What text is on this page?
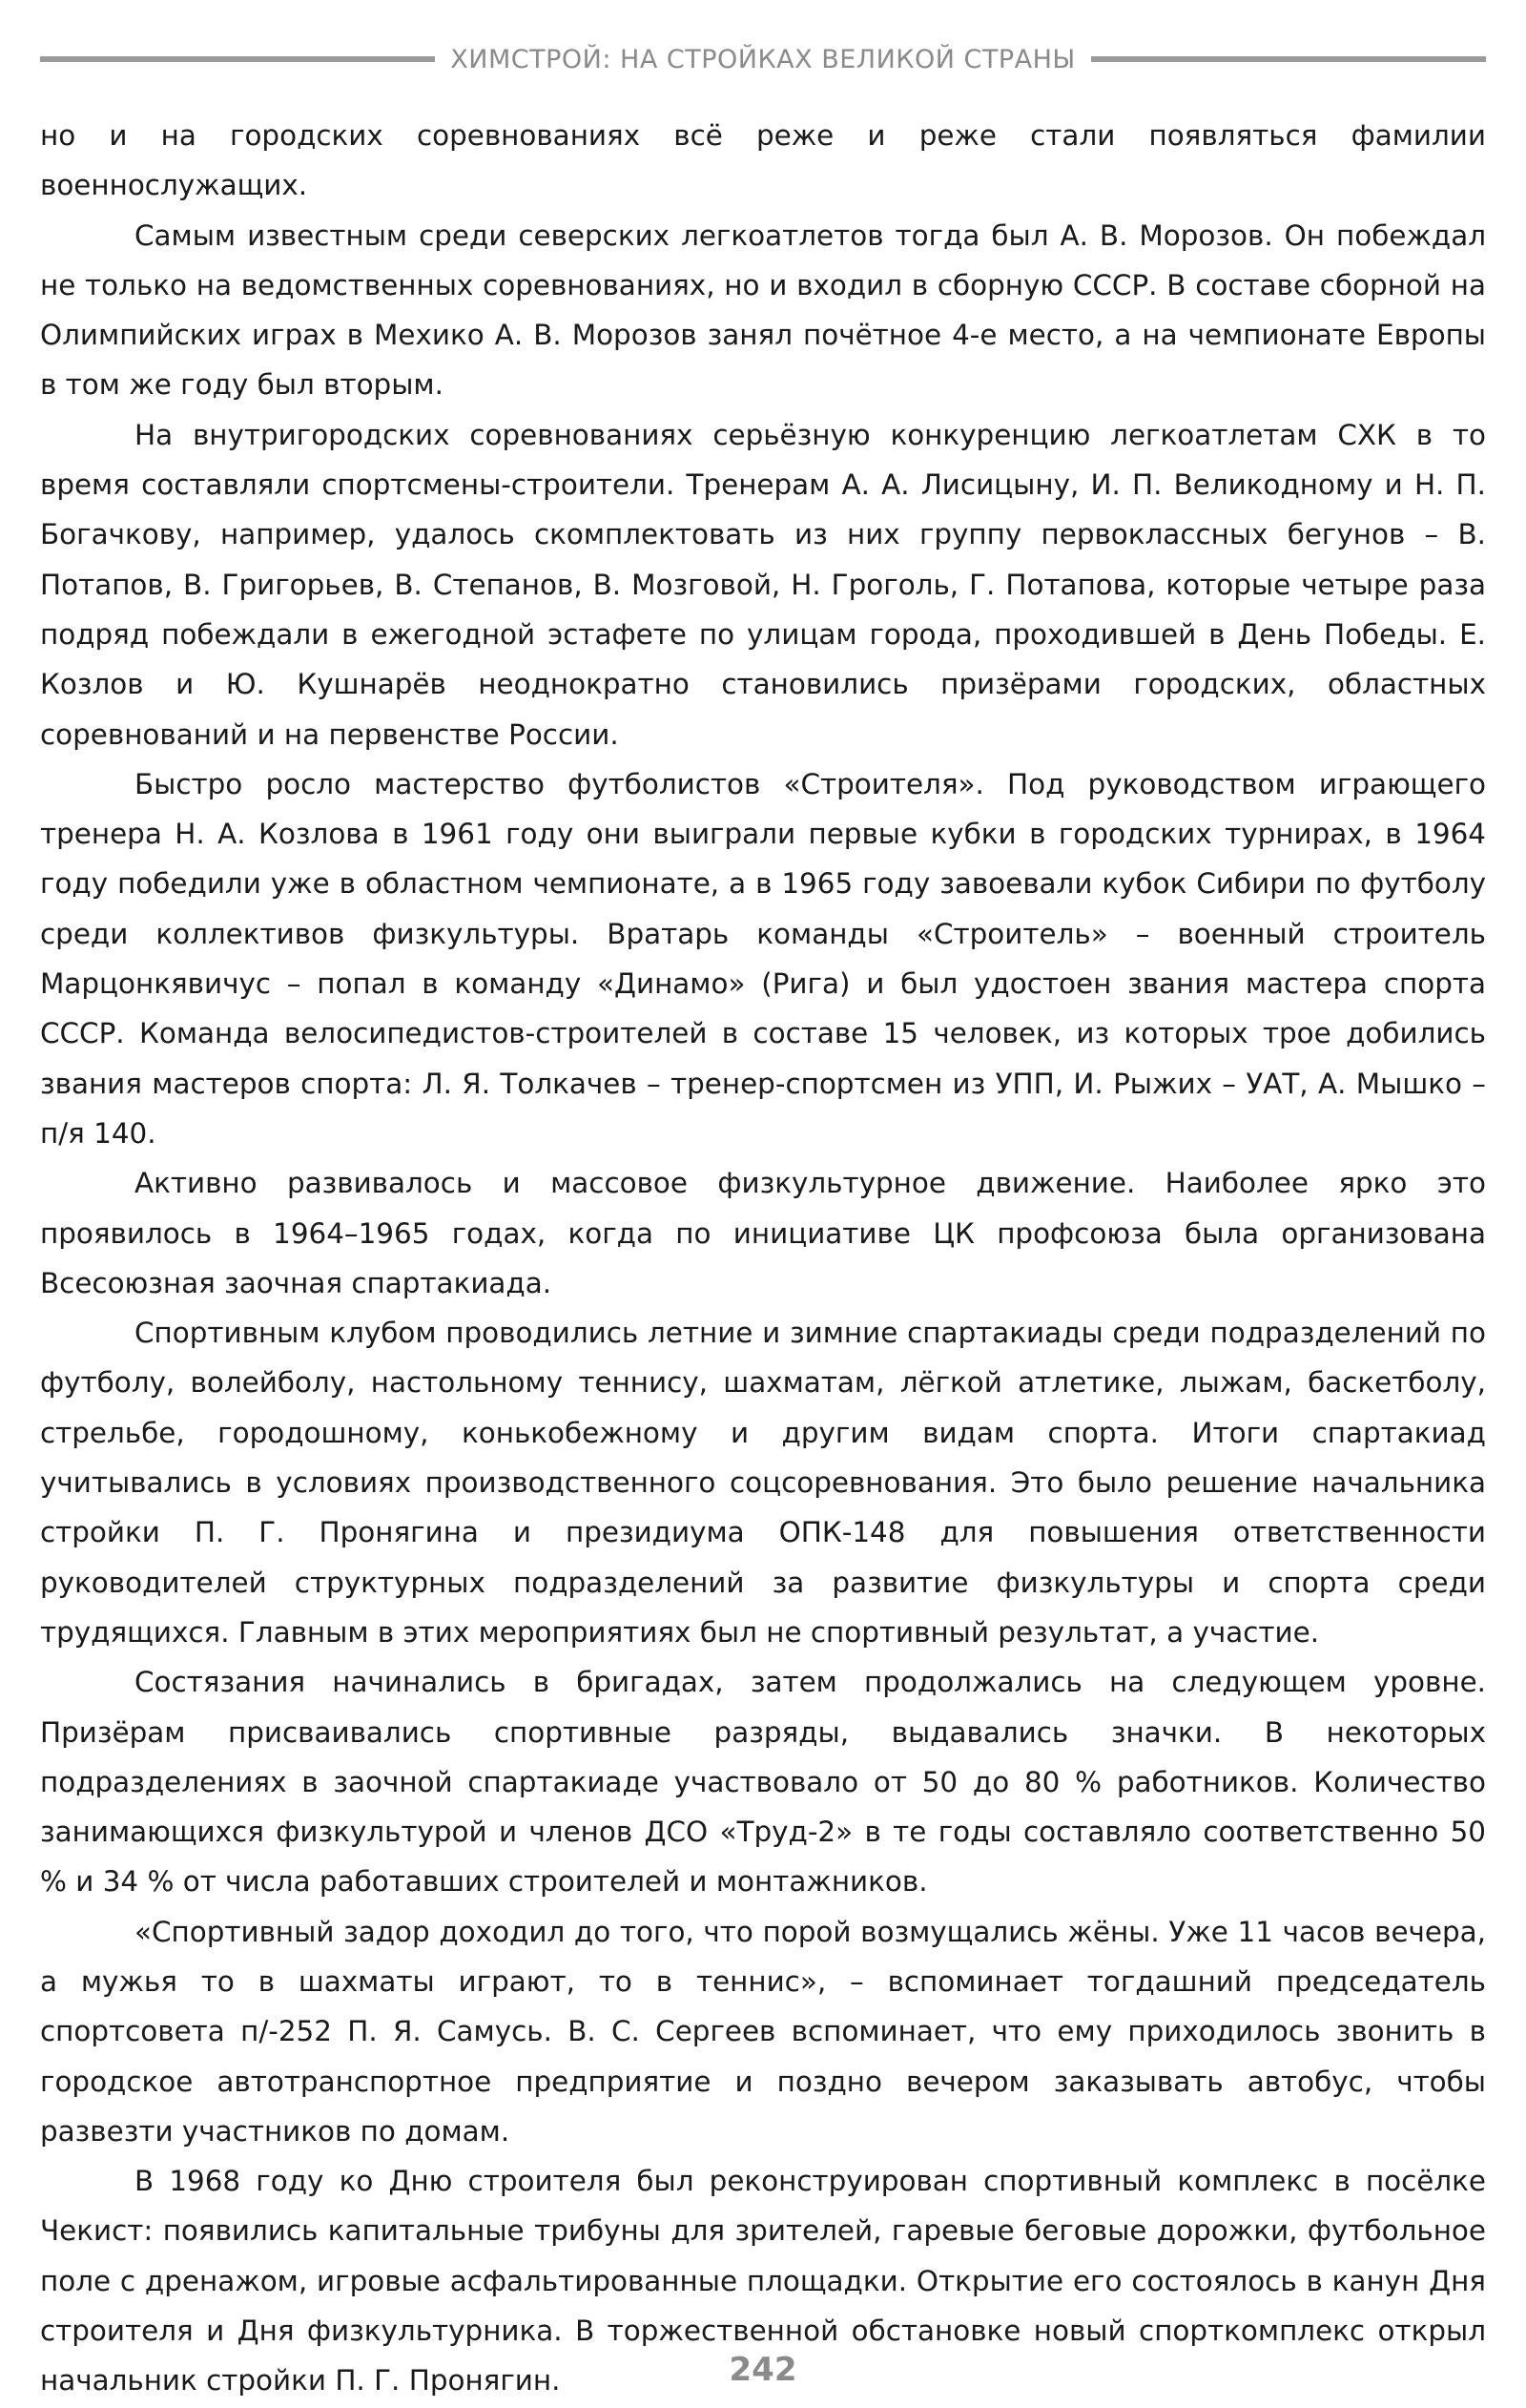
ХИМСТРОЙ: НА СТРОЙКАХ ВЕЛИКОЙ СТРАНЫ

но и на городских соревнованиях всё реже и реже стали появляться фамилии военнослужащих.

Самым известным среди северских легкоатлетов тогда был А. В. Морозов. Он побеждал не только на ведомственных соревнованиях, но и входил в сборную СССР. В составе сборной на Олимпийских играх в Мехико А. В. Морозов занял почётное 4-е место, а на чемпионате Европы в том же году был вторым.

На внутригородских соревнованиях серьёзную конкуренцию легкоатлетам СХК в то время составляли спортсмены-строители. Тренерам А. А. Лисицыну, И. П. Великодному и Н. П. Богачкову, например, удалось скомплектовать из них группу первоклассных бегунов – В. Потапов, В. Григорьев, В. Степанов, В. Мозговой, Н. Гроголь, Г. Потапова, которые четыре раза подряд побеждали в ежегодной эстафете по улицам города, проходившей в День Победы. Е. Козлов и Ю. Кушнарёв неоднократно становились призёрами городских, областных соревнований и на первенстве России.

Быстро росло мастерство футболистов «Строителя». Под руководством играющего тренера Н. А. Козлова в 1961 году они выиграли первые кубки в городских турнирах, в 1964 году победили уже в областном чемпионате, а в 1965 году завоевали кубок Сибири по футболу среди коллективов физкультуры. Вратарь команды «Строитель» – военный строитель Марцонкявичус – попал в команду «Динамо» (Рига) и был удостоен звания мастера спорта СССР. Команда велосипедистов-строителей в составе 15 человек, из которых трое добились звания мастеров спорта: Л. Я. Толкачев – тренер-спортсмен из УПП, И. Рыжих – УАТ, А. Мышко – п/я 140.

Активно развивалось и массовое физкультурное движение. Наиболее ярко это проявилось в 1964–1965 годах, когда по инициативе ЦК профсоюза была организована Всесоюзная заочная спартакиада.

Спортивным клубом проводились летние и зимние спартакиады среди подразделений по футболу, волейболу, настольному теннису, шахматам, лёгкой атлетике, лыжам, баскетболу, стрельбе, городошному, конькобежному и другим видам спорта. Итоги спартакиад учитывались в условиях производственного соцсоревнования. Это было решение начальника стройки П. Г. Пронягина и президиума ОПК-148 для повышения ответственности руководителей структурных подразделений за развитие физкультуры и спорта среди трудящихся. Главным в этих мероприятиях был не спортивный результат, а участие.

Состязания начинались в бригадах, затем продолжались на следующем уровне. Призёрам присваивались спортивные разряды, выдавались значки. В некоторых подразделениях в заочной спартакиаде участвовало от 50 до 80 % работников. Количество занимающихся физкультурой и членов ДСО «Труд-2» в те годы составляло соответственно 50 % и 34 % от числа работавших строителей и монтажников.

«Спортивный задор доходил до того, что порой возмущались жёны. Уже 11 часов вечера, а мужья то в шахматы играют, то в теннис», – вспоминает тогдашний председатель спортсовета п/-252 П. Я. Самусь. В. С. Сергеев вспоминает, что ему приходилось звонить в городское автотранспортное предприятие и поздно вечером заказывать автобус, чтобы развезти участников по домам.

В 1968 году ко Дню строителя был реконструирован спортивный комплекс в посёлке Чекист: появились капитальные трибуны для зрителей, гаревые беговые дорожки, футбольное поле с дренажом, игровые асфальтированные площадки. Открытие его состоялось в канун Дня строителя и Дня физкультурника. В торжественной обстановке новый спорткомплекс открыл начальник стройки П. Г. Пронягин.	242
